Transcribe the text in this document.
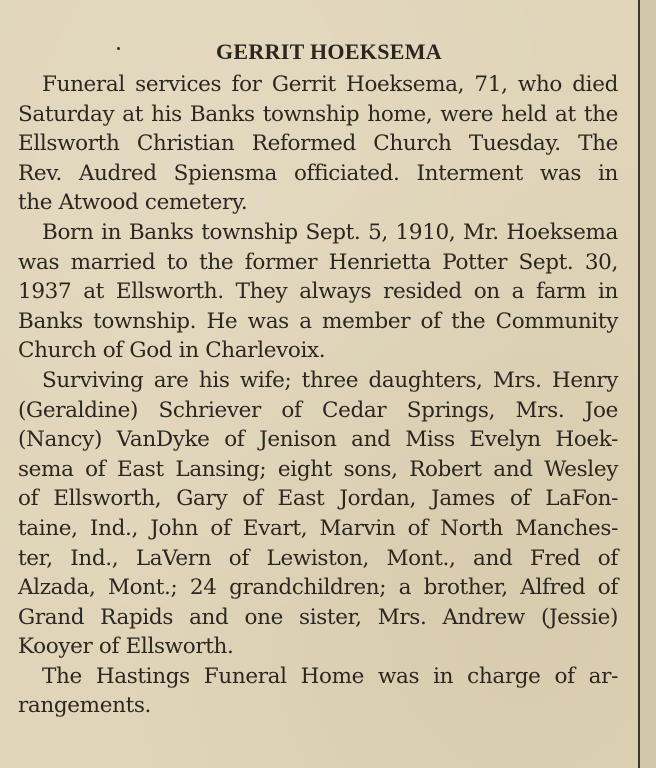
GERRIT HOEKSEMA
Funeral services for Gerrit Hoeksema, 71, who died
Saturday at his Banks township home, were held at the
Ellsworth Christian Reformed Church Tuesday. The
Rev. Audred Spiensma officiated. Interment was in
the Atwood cemetery.
Born in Banks township Sept. 5, 1910, Mr. Hoeksema
was married to the former Henrietta Potter Sept. 30,
1937 at Ellsworth. They always resided on a farm in
Banks township. He was a member of the Community
Church of God in Charlevoix.
Surviving are his wife; three daughters, Mrs. Henry
(Geraldine) Schriever of Cedar Springs, Mrs. Joe
(Nancy) VanDyke of Jenison and Miss Evelyn Hoek-
sema of East Lansing; eight sons, Robert and Wesley
of Ellsworth, Gary of East Jordan, James of LaFon-
taine, Ind., John of Evart, Marvin of North Manches-
ter, Ind., LaVern of Lewiston, Mont., and Fred of
Alzada, Mont.; 24 grandchildren; a brother, Alfred of
Grand Rapids and one sister, Mrs. Andrew (Jessie)
Kooyer of Ellsworth.
The Hastings Funeral Home was in charge of ar-
rangements.
